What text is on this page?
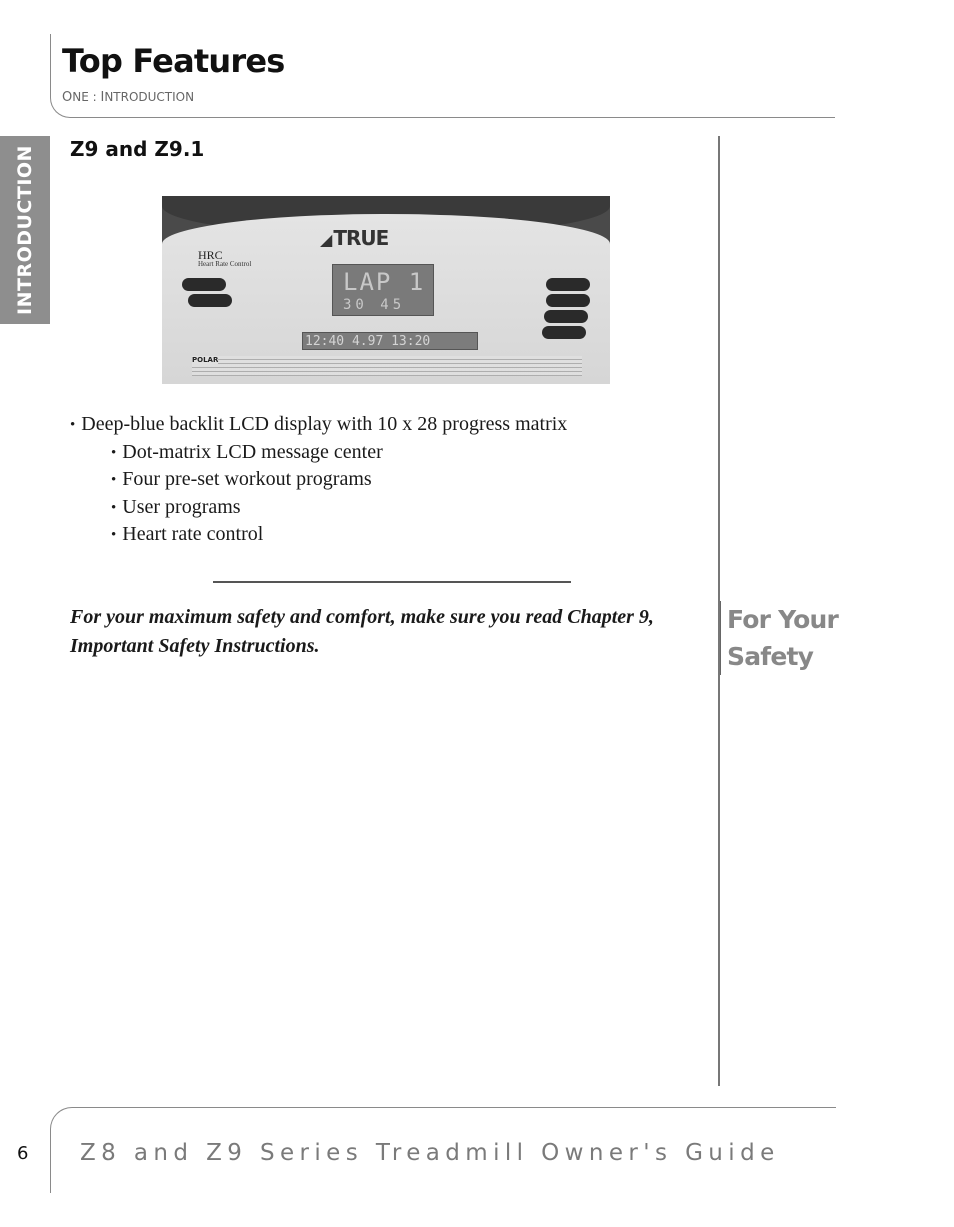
Top Features
ONE : INTRODUCTION
INTRODUCTION Z9 and Z9.1
◢ TRUE
HRC
Heart Rate Control
LAP 1
30 45
12:40 4.97 13:20
POLAR
• Deep-blue backlit LCD display with 10 x 28 progress matrix
• Dot-matrix LCD message center
• Four pre-set workout programs
• User programs
• Heart rate control

For your maximum safety and comfort, make sure you read Chapter 9, Important Safety Instructions.

For Your Safety
6 Z8 and Z9 Series Treadmill Owner's Guide
